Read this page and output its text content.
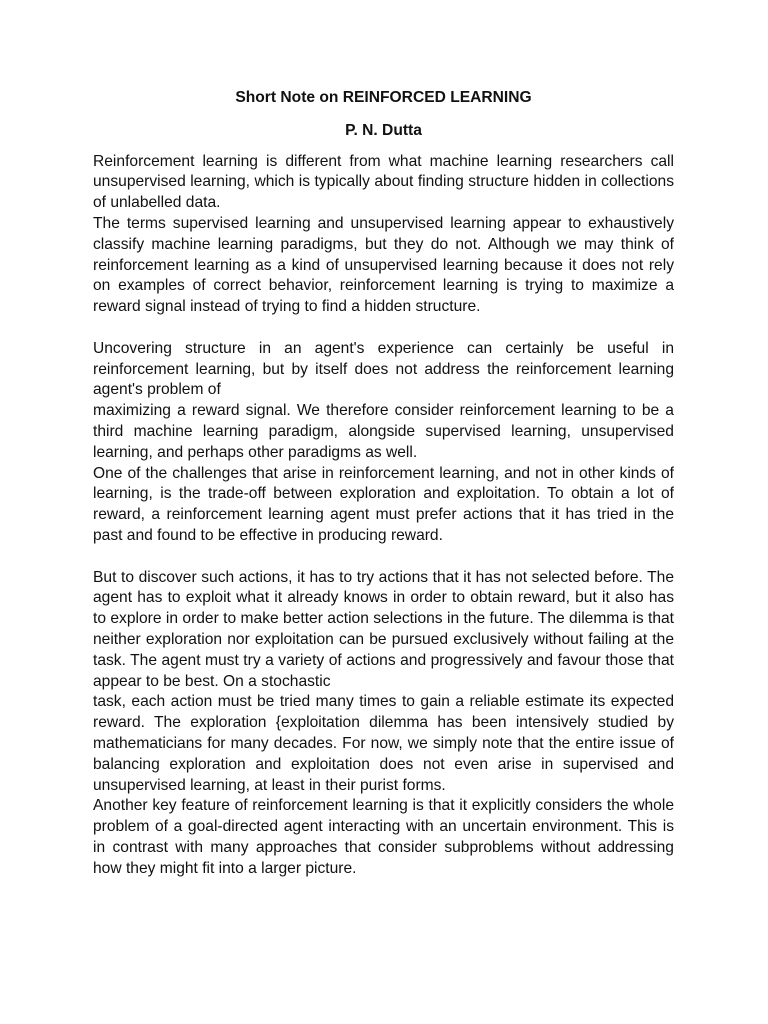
Short Note on REINFORCED LEARNING
P. N. Dutta

Reinforcement learning is different from what machine learning researchers call unsupervised learning, which is typically about finding structure hidden in collections of unlabelled data.

The terms supervised learning and unsupervised learning appear to exhaustively classify machine learning paradigms, but they do not. Although we may think of reinforcement learning as a kind of unsupervised learning because it does not rely on examples of correct behavior, reinforcement learning is trying to maximize a reward signal instead of trying to find a hidden structure.

Uncovering structure in an agent's experience can certainly be useful in reinforcement learning, but by itself does not address the reinforcement learning agent's problem of

maximizing a reward signal. We therefore consider reinforcement learning to be a third machine learning paradigm, alongside supervised learning, unsupervised learning, and perhaps other paradigms as well.

One of the challenges that arise in reinforcement learning, and not in other kinds of learning, is the trade-off between exploration and exploitation. To obtain a lot of reward, a reinforcement learning agent must prefer actions that it has tried in the past and found to be effective in producing reward.

But to discover such actions, it has to try actions that it has not selected before. The agent has to exploit what it already knows in order to obtain reward, but it also has to explore in order to make better action selections in the future. The dilemma is that neither exploration nor exploitation can be pursued exclusively without failing at the task. The agent must try a variety of actions and progressively and favour those that appear to be best. On a stochastic

task, each action must be tried many times to gain a reliable estimate its expected reward. The exploration {exploitation dilemma has been intensively studied by mathematicians for many decades. For now, we simply note that the entire issue of balancing exploration and exploitation does not even arise in supervised and unsupervised learning, at least in their purist forms.

Another key feature of reinforcement learning is that it explicitly considers the whole problem of a goal-directed agent interacting with an uncertain environment. This is in contrast with many approaches that consider subproblems without addressing how they might fit into a larger picture.
